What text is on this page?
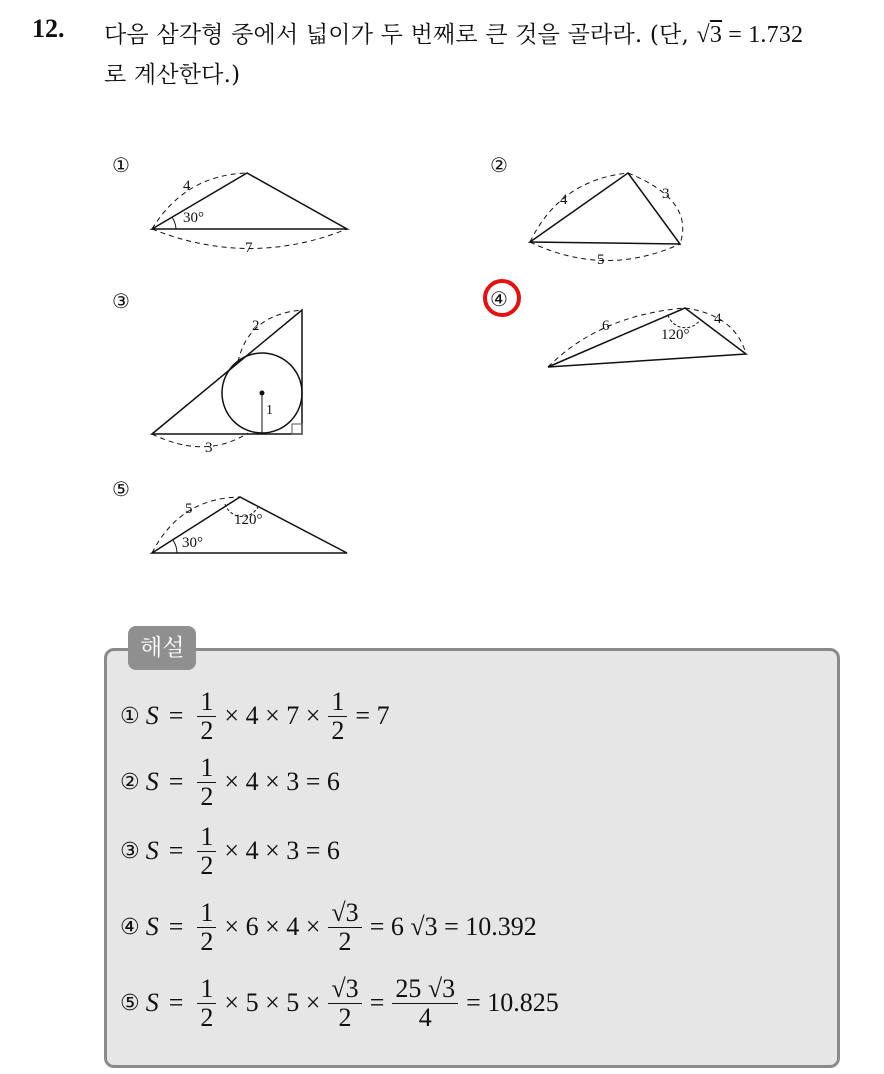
12. 다음 삼각형 중에서 넓이가 두 번째로 큰 것을 골라라. (단, √3 = 1.732
로 계산한다.)
①
4
30°
7
②
4	3
5
③
2
1
3
④
6
120°
4
⑤
5
120°
30°
해설
① $S = \frac{1}{2} \times 4 \times 7 \times \frac{1}{2} = 7$
② $S = \frac{1}{2} \times 4 \times 3 = 6$
③ $S = \frac{1}{2} \times 4 \times 3 = 6$
④ $S = \frac{1}{2} \times 6 \times 4 \times \frac{√3}{2} = 6$ √3 = 10.392
⑤ $S = \frac{1}{2} \times 5 \times 5 \times \frac{√3}{2} = \frac{25 √3}{4} = 10.825$
